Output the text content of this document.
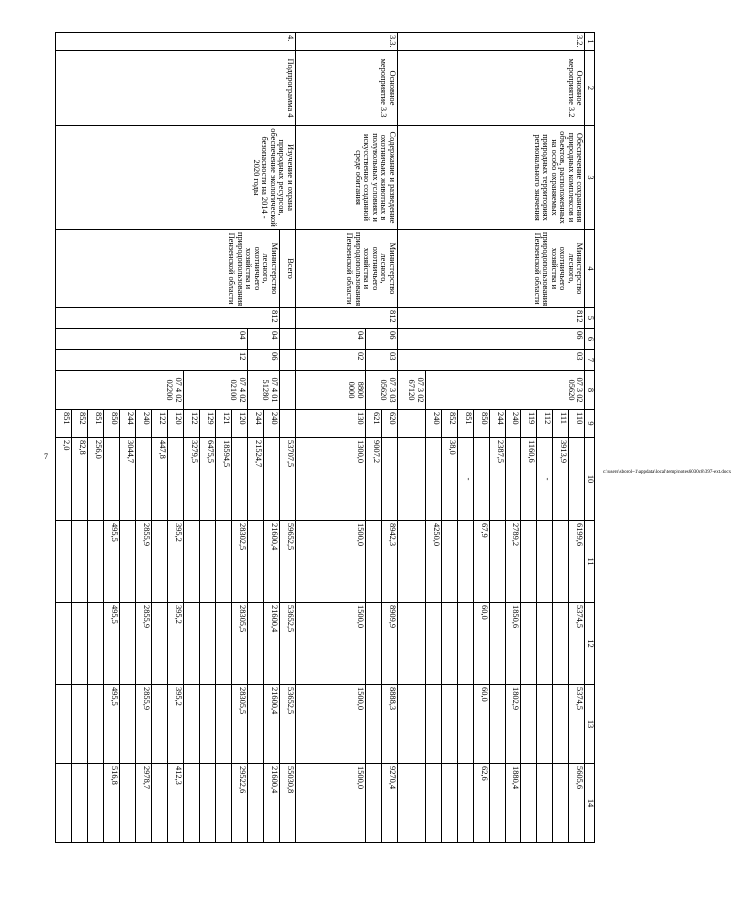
7
c:\users\sborol~1\appdata\local\temp\notes6030c8\397-ext.docx
1	2	3	4	5	6	7	8	9	10	11	12	13	14
3.2.	Основное мероприятие 3.2	Обеспечение сохранения природных комплексов и объектов, расположенных на особо охраняемых природных территориях регионального значения	Министерство лесного, охотничьего хозяйства и природопользования Пензенской области	812	06	03	07 3 02 05620	110		6199,6	5374,5	5374,5	5605,6
								111	3913,9				
								112	-				
								119	1160,6				
								240		2789,2	1850,6	1802,9	1880,4
								244	2387,5				
								850		67,9	60,0	60,0	62,6
								851	-				
								852	38,0				
								240		4250,0			
							07 3 02 67120						
3.3.	Основное мероприятие 3.3	Содержание и разведение охотничьих животных в полувольных условиях и искусственно созданной среде обитания	Министерство лесного, охотничьего хозяйства и природопользования Пензенской области	812	06	03	07 3 03 05620	620		8942,3	8909,9	8888,3	9270,4
								621	9007,2				
					04	02	8800 0000	130	1300,0	1500,0	1500,0	1500,0	1500,0
4.	Подпрограмма 4	Изучение и охрана природных ресурсов, обеспечение экологической безопасности на 2014 - 2020 годы	Всего						53707,5	59652,5	53652,5	53652,5	55030,8
			Министерство лесного, охотничьего хозяйства и природопользования Пензенской области	812	04	06	07 4 01 51280	240		21600,4	21600,4	21600,4	21600,4
								244	21524,7				
					04	12	07 4 02 02100	120		28302,5	28305,5	28305,5	29522,6
								121	18594,5				
								129	6475,5				
								122	3279,5				
							07 4 02 02200	120		395,2	395,2	395,2	412,3
								122	447,8				
								240		2855,9	2855,9	2855,9	2978,7
								244	3044,7				
								850		495,5	495,5	495,5	516,8
								851	256,0				
								852	82,8				
								851	2,0				
